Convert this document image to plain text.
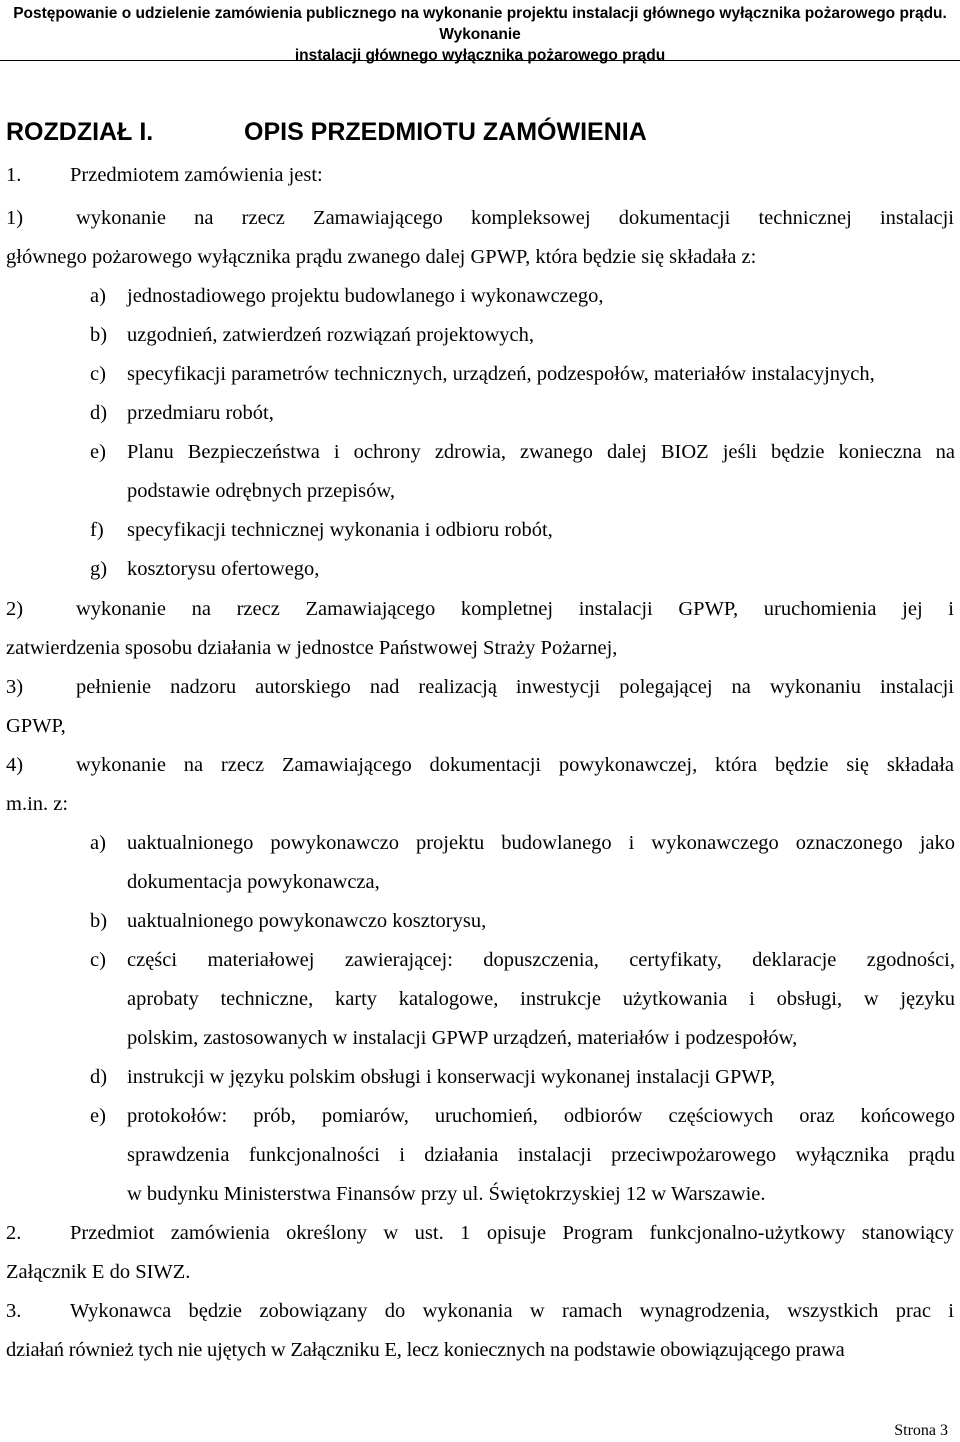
Postępowanie o udzielenie zamówienia publicznego na wykonanie projektu instalacji głównego wyłącznika pożarowego prądu. Wykonanie
instalacji głównego wyłącznika pożarowego prądu
ROZDZIAŁ I.	OPIS PRZEDMIOTU ZAMÓWIENIA
1. Przedmiotem zamówienia jest:
1)	wykonanie na rzecz Zamawiającego kompleksowej dokumentacji technicznej instalacji
głównego pożarowego wyłącznika prądu zwanego dalej GPWP, która będzie się składała z:
a) jednostadiowego projektu budowlanego i wykonawczego,
b) uzgodnień, zatwierdzeń rozwiązań projektowych,
c) specyfikacji parametrów technicznych, urządzeń, podzespołów, materiałów instalacyjnych,
d) przedmiaru robót,
e) Planu Bezpieczeństwa i ochrony zdrowia, zwanego dalej BIOZ jeśli będzie konieczna na
podstawie odrębnych przepisów,
f) specyfikacji technicznej wykonania i odbioru robót,
g) kosztorysu ofertowego,
2)	wykonanie na rzecz Zamawiającego kompletnej instalacji GPWP, uruchomienia jej i
zatwierdzenia sposobu działania w jednostce Państwowej Straży Pożarnej,
3)	pełnienie nadzoru autorskiego nad realizacją inwestycji polegającej na wykonaniu instalacji
GPWP,
4)	wykonanie na rzecz Zamawiającego dokumentacji powykonawczej, która będzie się składała
m.in. z:
a) uaktualnionego powykonawczo projektu budowlanego i wykonawczego oznaczonego jako
dokumentacja powykonawcza,
b) uaktualnionego powykonawczo kosztorysu,
c) części materiałowej zawierającej: dopuszczenia, certyfikaty, deklaracje zgodności,
aprobaty techniczne, karty katalogowe, instrukcje użytkowania i obsługi, w języku
polskim, zastosowanych w instalacji GPWP urządzeń, materiałów i podzespołów,
d) instrukcji w języku polskim obsługi i konserwacji wykonanej instalacji GPWP,
e) protokołów: prób, pomiarów, uruchomień, odbiorów częściowych oraz końcowego
sprawdzenia funkcjonalności i działania instalacji przeciwpożarowego wyłącznika prądu
w budynku Ministerstwa Finansów przy ul. Świętokrzyskiej 12 w Warszawie.
2. Przedmiot zamówienia określony w ust. 1 opisuje Program funkcjonalno-użytkowy stanowiący
Załącznik E do SIWZ.
3. Wykonawca będzie zobowiązany do wykonania w ramach wynagrodzenia, wszystkich prac i
działań również tych nie ujętych w Załączniku E, lecz koniecznych na podstawie obowiązującego prawa
Strona 3
